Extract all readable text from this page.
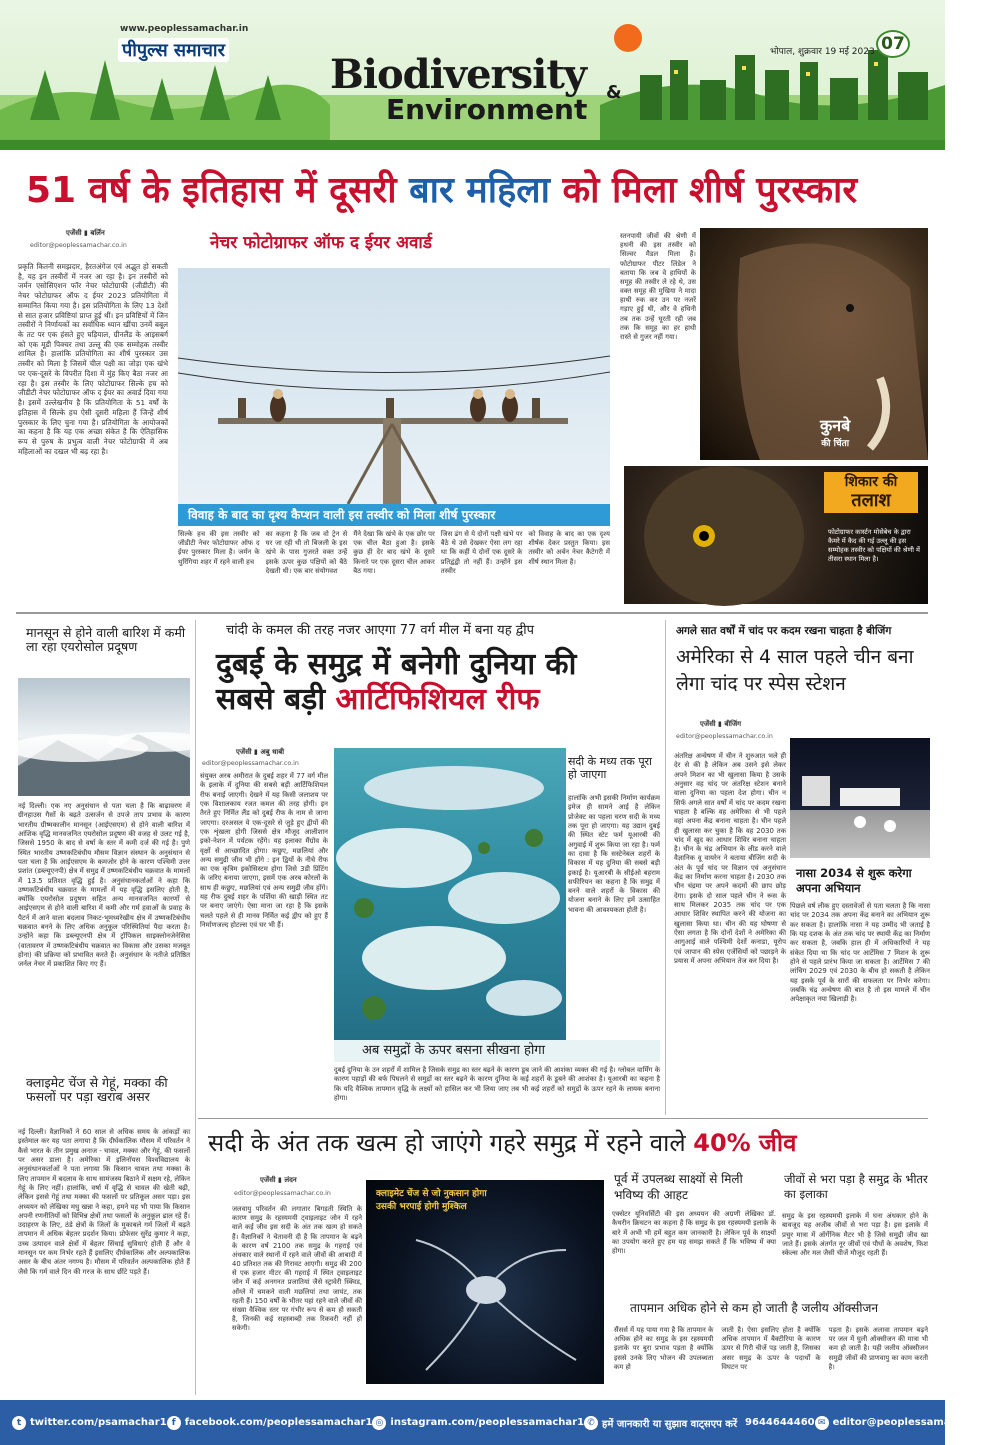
www.peoplessamachar.in
पीपुल्स समाचार
Biodiversity
Environment
&
भोपाल, शुक्रवार 19 मई 2023 07
51 वर्ष के इतिहास में दूसरी बार महिला को मिला शीर्ष पुरस्कार
एजेंसी ▮ बर्लिन
editor@peoplessamachar.co.in	नेचर फोटोग्राफर ऑफ द ईयर अवार्ड
प्रकृति कितनी समझदार, हैरतअंगेज एवं अद्भुत हो सकती है, यह इन तस्वीरों में नजर आ रहा है। इन तस्वीरों को जर्मन एसोसिएशन फॉर नेचर फोटोग्राफी (जीडीटी) की नेचर फोटोग्राफर ऑफ द ईयर 2023 प्रतियोगिता में सम्मानित किया गया है। इस प्रतियोगिता के लिए 13 देशों से सात हजार प्रविष्टियां प्राप्त हुई थीं। इन प्रविष्टियों में जिन तस्वीरों ने निर्णायकों का सर्वाधिक ध्यान खींचा उनमें बबूल के तट पर एक हंसते हुए घड़ियाल, ग्रीनलैंड के आइसबर्ग को एक मूडी पिक्चर तथा उल्लू की एक सम्मोहक तस्वीर शामिल है। हालांकि प्रतियोगिता का शीर्ष पुरस्कार उस तस्वीर को मिला है जिसमें चील पक्षी का जोड़ा एक खंभे पर एक-दूसरे के विपरीत दिशा में मुंह किए बैठा नजर आ रहा है। इस तस्वीर के लिए फोटोग्राफर सिल्के हच को जीडीटी नेचर फोटोग्राफर ऑफ द ईयर का अवार्ड दिया गया है। इसमें उल्लेखनीय है कि प्रतियोगिता के 51 वर्षों के इतिहास में सिल्के हच ऐसी दूसरी महिला हैं जिन्हें शीर्ष पुरस्कार के लिए चुना गया है। प्रतियोगिता के आयोजकों का कहना है कि यह एक अच्छा संकेत है कि ऐतिहासिक रूप से पुरुष के प्रभुत्व वाली नेचर फोटोग्राफी में अब महिलाओं का दखल भी बढ़ रहा है।
विवाह के बाद का दृश्य कैप्शन वाली इस तस्वीर को मिला शीर्ष पुरस्कार
सिल्के हच की इस तस्वीर को जीडीटी नेचर फोटोग्राफर ऑफ द ईयर पुरस्कार मिला है। जर्मन के थुरिंगिया शहर में रहने वाली हच
का कहना है कि जब वो ट्रेन से घर जा रही थी तो बिजली के इस खंभे के पास गुजरते वक्त उन्हें इसके ऊपर कुछ पक्षियों को बैठे देखती थी। एक बार संयोगवश
मैंने देखा कि खंभे के एक छोर पर एक चील बैठा हुआ है। इसके कुछ ही देर बाद खंभे के दूसरे किनारे पर एक दूसरा चील आकर बैठ गया।
जिस ढंग से ये दोनों पक्षी खंभे पर बैठे थे उसे देखकर ऐसा लग रहा था कि कहीं ये दोनों एक दूसरे के प्रतिद्वंद्वी तो नहीं हैं। उन्होंने इस तस्वीर
को विवाह के बाद का एक दृश्य शीर्षक देकर प्रस्तुत किया। इस तस्वीर को अर्बन नेचर कैटेगरी में शीर्ष स्थान मिला है।
स्तनपायी जीवों की श्रेणी में हथनी की इस तस्वीर को सिल्वर मैडल मिला है। फोटोग्राफर पीटर लिंडेल ने बताया कि जब वे हाथियों के समूह की तस्वीर ले रहे थे, उस वक्त समूह की मुखिया ने मादा हाथी रुक कर उन पर नजरें गड़ाए हुई थी, और वे हथिनी तब तक उन्हें घूरती रही जब तक कि समूह का हर हाथी रास्ते से गुजर नहीं गया।
कुनबे
की चिंता
शिकार की
तलाश
फोटोग्राफर कार्स्टन मोसेबेच के द्वारा कैमरे में कैद की गई उल्लू की इस सम्मोहक तस्वीर को पक्षियों की श्रेणी में तीसरा स्थान मिला है।
मानसून से होने वाली बारिश में कमी ला रहा एयरोसोल प्रदूषण
नई दिल्ली। एक नए अनुसंधान से पता चला है कि बाढ़ावरण में ग्रीनहाउस गैसों के बढ़ते उत्सर्जन से उपजे ताप प्रभाव के कारण भारतीय ग्रीष्मकालीन मानसून (आईएसएम) से होने वाली बारिश में आंशिक वृद्धि मानवजनित एयरोसोल प्रदूषण की वजह से उलट गई है, जिससे 1950 के बाद से वर्षा के स्तर में कमी दर्ज की गई है। पुणे स्थित भारतीय उष्णकटिबंधीय मौसम विज्ञान संस्थान के अनुसंधान से पता चला है कि आईएसएम के कमजोर होने के कारण पश्चिमी उत्तर प्रशांत (डब्ल्यूएनपी) क्षेत्र में समुद्र में उष्णकटिबंधीय चक्रवात के मामलों में 13.5 प्रतिशत वृद्धि हुई है। अनुसंधानकर्ताओं ने कहा कि उष्णकटिबंधीय चक्रवात के मामलों में यह वृद्धि इसलिए होती है, क्योंकि एयरोसोल प्रदूषण सहित अन्य मानवजनित कारणों से आईएसएम से होने वाली बारिश में कमी और गर्म हवाओं के प्रवाह के पैटर्न में आने वाला बदलाव निकट-भूमध्यरेखीय क्षेत्र में उष्णकटिबंधीय चक्रवात बनने के लिए अधिक अनुकूल परिस्थितियां पैदा करता है। उन्होंने कहा कि डब्ल्यूएनपी क्षेत्र में ट्रॉपिकल साइक्लोनजेनेसिस (वातावरण में उष्णकटिबंधीय चक्रवात का विकास और उसका मजबूत होना) की प्रक्रिया को प्रभावित करते हैं। अनुसंधान के नतीजे प्रतिष्ठित जर्नल नेचर में प्रकाशित किए गए हैं।
क्लाइमेट चेंज से गेहूं, मक्का की फसलों पर पड़ा खराब असर
नई दिल्ली। वैज्ञानिकों ने 60 साल से अधिक समय के आंकड़ों का इस्तेमाल कर यह पता लगाया है कि दीर्घकालिक मौसम में परिवर्तन ने कैसे भारत के तीन प्रमुख अनाज - चावल, मक्का और गेहूं, की फसलों पर असर डाला है। अमेरिका में इलिनॉयस विश्वविद्यालय के अनुसंधानकर्ताओं ने पता लगाया कि किसान चावल तथा मक्का के लिए तापमान में बदलाव के साथ सामंजस्य बिठाने में सक्षम रहे, लेकिन गेहूं के लिए नहीं। हालांकि, वर्षा में वृद्धि से चावल की खेती बढ़ी, लेकिन इससे गेहूं तथा मक्का की फसलों पर प्रतिकूल असर पड़ा। इस अध्ययन को लेखिका मधु खन्ना ने कहा, हमने यह भी पाया कि किसान अपनी रणनीतियों को विभिन्न क्षेत्रों तथा फसलों के अनुकूल ढाल रहे हैं। उदाहरण के लिए, ठंडे क्षेत्रों के जिलों के मुकाबले गर्म जिलों में बढ़ते तापमान में अधिक बेहतर प्रदर्शन किया। प्रोफेसर सुरेंद्र कुमार ने कहा, उच्च उत्पादन वाले क्षेत्रों में बेहतर सिंचाई सुविधाएं होती हैं और वे मानसून पर कम निर्भर रहते हैं इसलिए दीर्घकालिक और अल्पकालिक असर के बीच अंतर नगण्य है। मौसम में परिवर्तन अल्पकालिक होते हैं जैसे कि गर्म वाले दिन की गरज के साथ छींटे पड़ते हैं।
चांदी के कमल की तरह नजर आएगा 77 वर्ग मील में बना यह द्वीप
दुबई के समुद्र में बनेगी दुनिया की
सबसे बड़ी आर्टिफिशियल रीफ
एजेंसी ▮ अबु धाबी
editor@peoplessamachar.co.in
संयुक्त अरब अमीरात के दुबई शहर में 77 वर्ग मील के इलाके में दुनिया की सबसे बड़ी आर्टिफिशियल रीफ बनाई जाएगी। देखने में यह किसी जलाशय पर एक विशालकाय रजत कमल की तरह होगी। इन तैरते हुए निर्मित लैंड को दुबई रीफ के नाम से जाना जाएगा। दरअसल ये एक-दूसरे से जुड़े हुए द्वीपों की एक शृंखला होगी जिससे क्षेत्र मौजूद आलीशान इको-नेशन में पर्यटक रहेंगे। यह इलाका मैंग्रोव के वृक्षों से आच्छादित होगा। कछुए, मछलियां और अन्य समुद्री जीव भी होंगे : इन द्वियों के नीचे रीफ का एक कृत्रिम इकोसिस्टम होगा जिसे 3डी प्रिंटिंग के जरिए बनाया जाएगा, इसमें एक अरब कोरलों के साथ ही कछुए, मछलियां एवं अन्य समुद्री जीव होंगे। यह रीफ दुबई शहर के पर्शिया की खाड़ी स्थित तट पर बनाए जाएंगे। ऐसा माना जा रहा है कि इसके चलते पहले से ही मानव निर्मित कई द्वीप को हुए हैं निर्माणजल्द होटल्स एवं घर भी हैं।
सदी के मध्य तक पूरा हो जाएगा
हालांकि अभी इसकी निर्माण कार्यक्रम इमेज ही सामने आई है लेकिन प्रोजेक्ट का पहला चरण सदी के मध्य तक पूरा हो जाएगा। यह उद्यान दुबई की स्थित स्टेट फर्म यूआरबी की अगुवाई में शुरू किया जा रहा है। फर्म का दावा है कि सस्टेनेबल शहरों के विकास में यह दुनिया की सबसे बड़ी इकाई है। यूआरबी के सीईओ बहराम सफीरियन का कहना है कि समुद्र में बनने वाले शहरों के विकास की योजना बनाने के लिए हमें उत्साहित भावना की आवश्यकता होती है।
अब समुद्रों के ऊपर बसना सीखना होगा
दुबई दुनिया के उन शहरों में शामिल है जिसके समुद्र का स्तर बढ़ने के कारण डूब जाने की आशंका व्यक्त की गई है। ग्लोबल वार्मिंग के कारण पहाड़ों की बर्फ पिघलने से समुद्रों का स्तर बढ़ने के कारण दुनिया के कई शहरों के डूबने की आशंका है। यूआरबी का कहना है कि यदि वैश्विक तापमान वृद्धि के लक्ष्यों को हासिल कर भी लिया जाए तब भी कई शहरों को समुद्रों के ऊपर रहने के लायक बनाना होगा।
अगले सात वर्षों में चांद पर कदम रखना चाहता है बीजिंग
अमेरिका से 4 साल पहले चीन बना लेगा चांद पर स्पेस स्टेशन
एजेंसी ▮ बीजिंग
editor@peoplessamachar.co.in
अंतरिक्ष अन्वेषण में चीन ने शुरुआत भले ही देर से की है लेकिन अब उसने इसे लेकर अपने मिशन का भी खुलासा किया है उसके अनुसार वह चांद पर अंतरिक्ष स्टेशन बनाने वाला दुनिया का पहला देश होगा। चीन न सिर्फ अगले सात वर्षों में चांद पर कदम रखना चाहता है बल्कि वह अमेरिका से भी पहले वहां अपना केंद्र बनाना चाहता है। चीन पहले ही खुलासा कर चुका है कि वह 2030 तक चांद में खुद का आधार शिविर बनाना चाहता है। चीन के चंद्र अभियान के लीड करने वाले वैज्ञानिक वू वायरेन ने बताया बीजिंग सदी के अंत के पूर्व चांद पर विज्ञान एवं अनुसंधान केंद्र का निर्माण करना चाहता है। 2030 तक चीन चंद्रमा पर अपने कदमों की छाप छोड़ देगा। इसके दो साल पहले चीन ने रूस के साथ मिलकर 2035 तक चांद पर एक आधार शिविर स्थापित करने की योजना का खुलासा किया था। चीन की यह घोषणा से ऐसा लगता है कि दोनों देशों ने अमेरिका की आगुआई वाले पश्चिमी देशों कनाडा, यूरोप एवं जापान की स्पेस एजेंसियों को पछाड़ने के प्रयास में अपना अभियान तेज कर दिया है।
नासा 2034 से शुरू करेगा अपना अभियान
पिछले वर्ष लीक हुए दस्तावेजों से पता चलता है कि नासा चांद पर 2034 तक अपना केंद्र बनाने का अभियान शुरू कर सकता है। हालांकि नासा ने यह उम्मीद भी जताई है कि यह दशक के अंत तक चांद पर स्थायी केंद्र का निर्माण कर सकता है, जबकि हाल ही में अधिकारियों ने यह संकेत दिया था कि चांद पर आर्टेमिस 7 मिशन के शुरू होने से पहले प्रारंभ किया जा सकता है। आर्टेमिस 7 की लांचिग 2029 एवं 2030 के बीच हो सकती है लेकिन यह इसके पूर्व के सारों की सफलता पर निर्भर करेगा। जबकि चंद्र अन्वेषण की बात है तो इस मामले में चीन अपेक्षाकृत नया खिलाड़ी है।
सदी के अंत तक खत्म हो जाएंगे गहरे समुद्र में रहने वाले 40% जीव
एजेंसी ▮ लंदन
editor@peoplessamachar.co.in
जलवायु परिवर्तन की लगातार बिगड़ती स्थिति के कारण समुद्र के रहस्यमयी ट्वाइलाइट जोन में रहने वाले कई जीव इस सदी के अंत तक खत्म हो सकते हैं। वैज्ञानिकों ने चेतावनी दी है कि तापमान के बढ़ने के कारण वर्ष 2100 तक समुद्र के गहराई एवं अंधकार वाले स्थानों में रहने वाले जीवों की आबादी में 40 प्रतिशत तक की गिरावट आएगी। समुद्र की 200 से एक हजार मीटर की गहराई में स्थित ट्वाइलाइट जोन में कई अनगनत प्रजातियां जैसे स्ट्रावेरी स्क्विड, ओंग्ले में चमकने वाली मछलियां तथा जायंट, तक रहती हैं। 150 वर्षों के भीतर यहां रहने वाले जीवों की संख्या वैश्विक स्तर पर गंभीर रूप से कम हो सकती है, जिनकी कई सहस्त्राब्दी तक रिकवरी नहीं हो सकेगी।
क्लाइमेट चेंज से जो नुकसान होगा
उसकी भरपाई होगी मुश्किल
पूर्व में उपलब्ध साक्ष्यों से मिली भविष्य की आहट
एक्सेटर यूनिवर्सिटी की इस अध्ययन की अग्रणी लेखिका डॉ. कैथरीन क्रिचटन का कहना है कि समुद्र के इस रहस्यमयी इलाके के बारे में अभी भी हमें बहुत कम जानकारी है। लेकिन पूर्व के साक्ष्यों का उपयोग करते हुए हम यह समझ सकते हैं कि भविष्य में क्या होगा।
जीवों से भरा पड़ा है समुद्र के भीतर का इलाका
समुद्र के इस रहस्यमयी इलाके में घना अंधकार होने के बावजूद यह अजीब जीवों से भरा पड़ा है। इस इलाके में प्रचुर मात्रा में ऑर्गेनिक मैटर भी है जिसे समुद्री जीव खा जाते हैं। इसके अंतर्गत नूर जीवों एवं पौधों के अवशेष, फिश स्केल्स और मल जैसी चीजें मौजूद रहती हैं।
तापमान अधिक होने से कम हो जाती है जलीय ऑक्सीजन
सैंसर्स में यह पाया गया है कि तापमान के अधिक होने का समुद्र के इस रहस्यमयी इलाके पर बुरा प्रभाव पड़ता है क्योंकि इससे उनके लिए भोजन की उपलब्धता कम हो
जाती है। ऐसा इसलिए होता है क्योंकि अधिक तापमान में बैक्टीरिया के कारण ऊपर से गिरी चीजें पड़ जाती है, जिसका असर समुद्र के ऊपर के पदार्थों के विघटन पर
पड़ता है। इसके अलावा तापमान बढ़ने पर जल में घुली ऑक्सीजन की मात्रा भी कम हो जाती है। यही जलीय ऑक्सीजन समुद्री जीवों की प्राणवायु का काम करती है।
t twitter.com/psamachar1 f facebook.com/peoplessamachar1 ◎ instagram.com/peoplessamachar1 ✆ हमें जानकारी या सुझाव वाट्सएप करें 9644644460 ✉ editor@peoplessamachar.co.in
